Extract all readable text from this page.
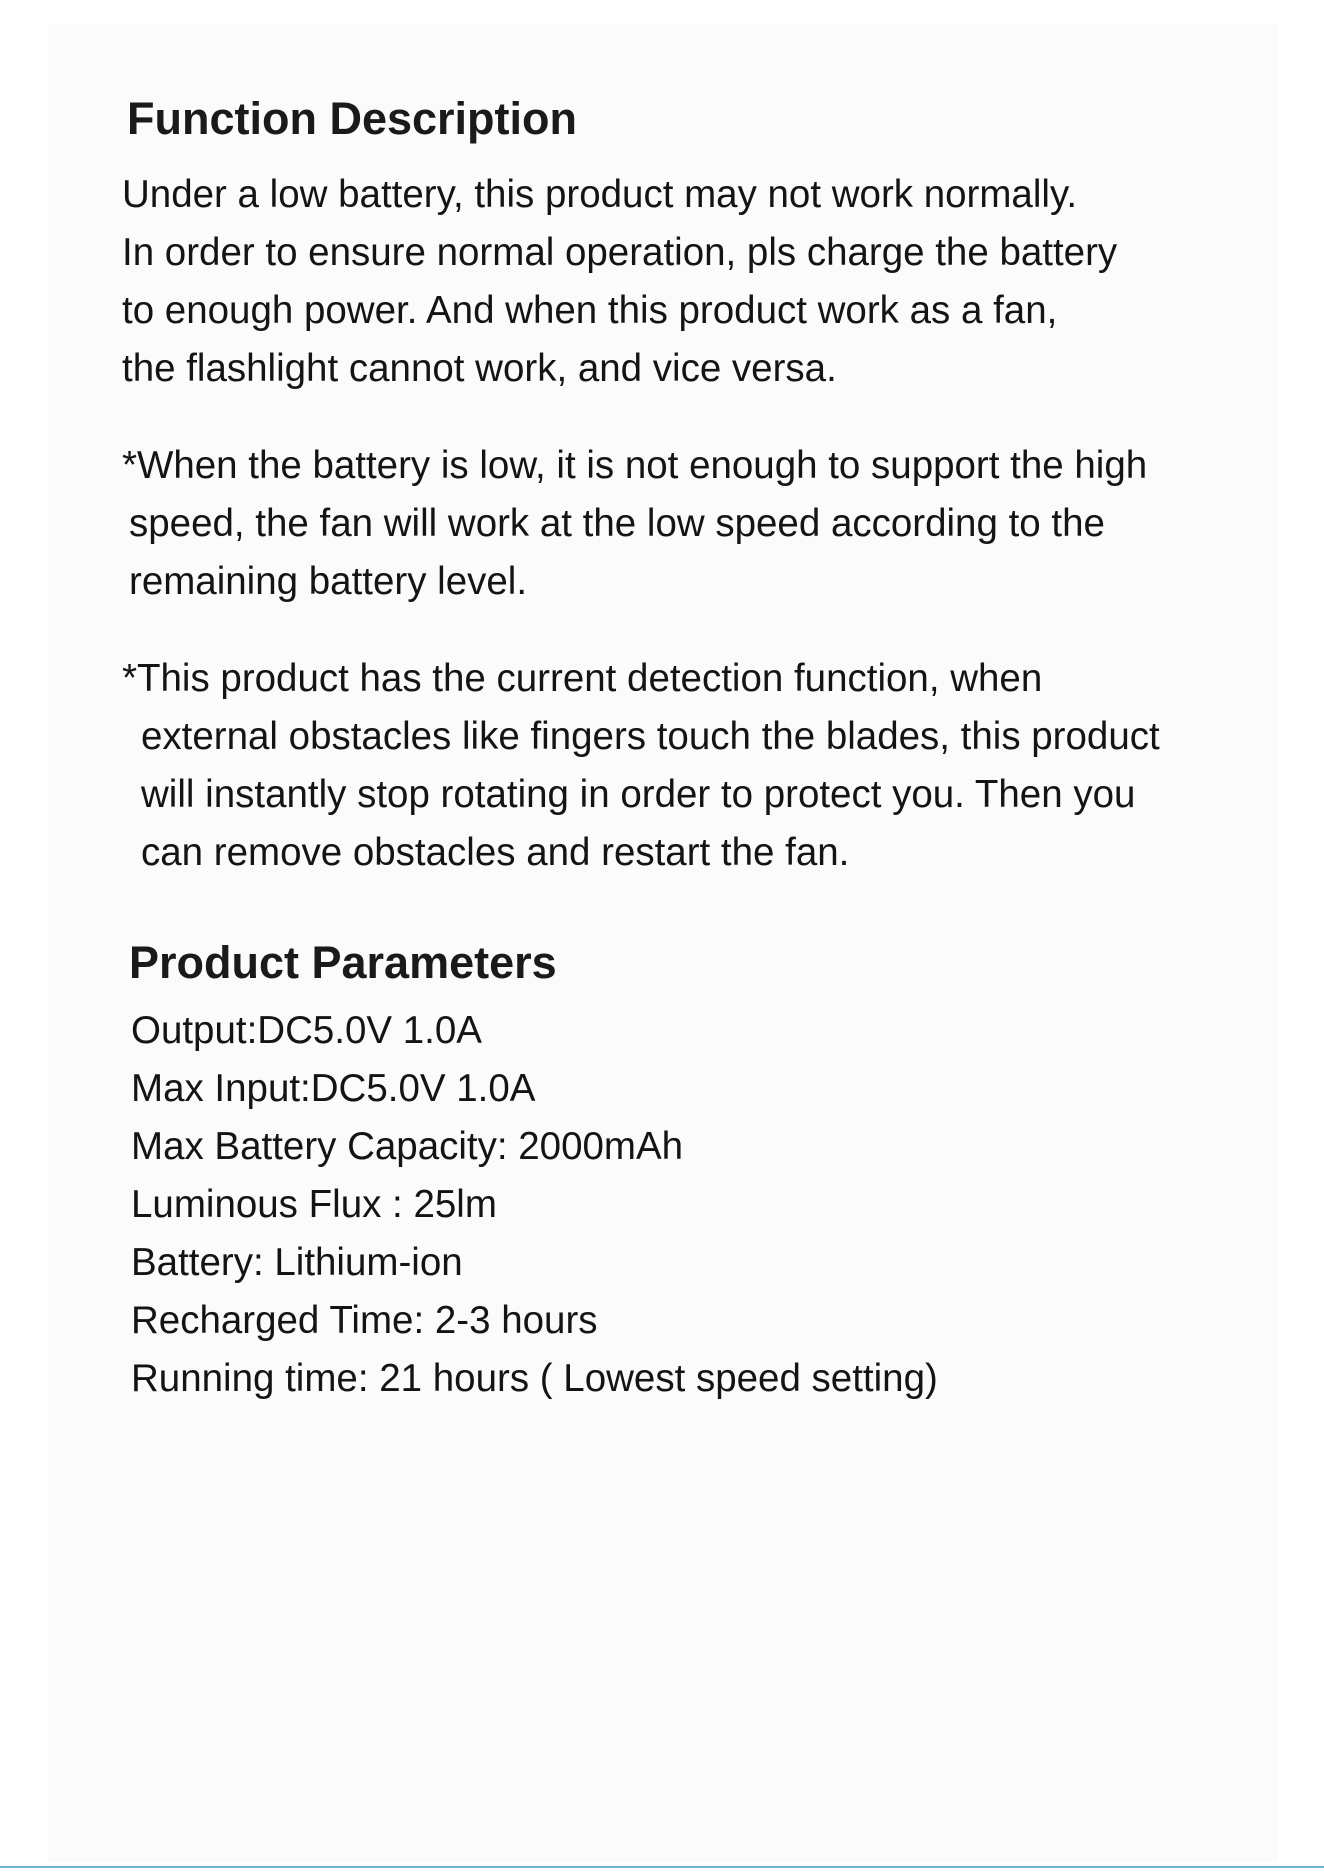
Function Description

Under a low battery, this product may not work normally.
In order to ensure normal operation, pls charge the battery
to enough power. And when this product work as a fan,
the flashlight cannot work, and vice versa.

*When the battery is low, it is not enough to support the high
speed, the fan will work at the low speed according to the
remaining battery level.

*This product has the current detection function, when
external obstacles like fingers touch the blades, this product
will instantly stop rotating in order to protect you. Then you
can remove obstacles and restart the fan.

Product Parameters
Output:DC5.0V 1.0A
Max Input:DC5.0V 1.0A
Max Battery Capacity: 2000mAh
Luminous Flux : 25lm
Battery: Lithium-ion
Recharged Time: 2-3 hours
Running time: 21 hours ( Lowest speed setting)
